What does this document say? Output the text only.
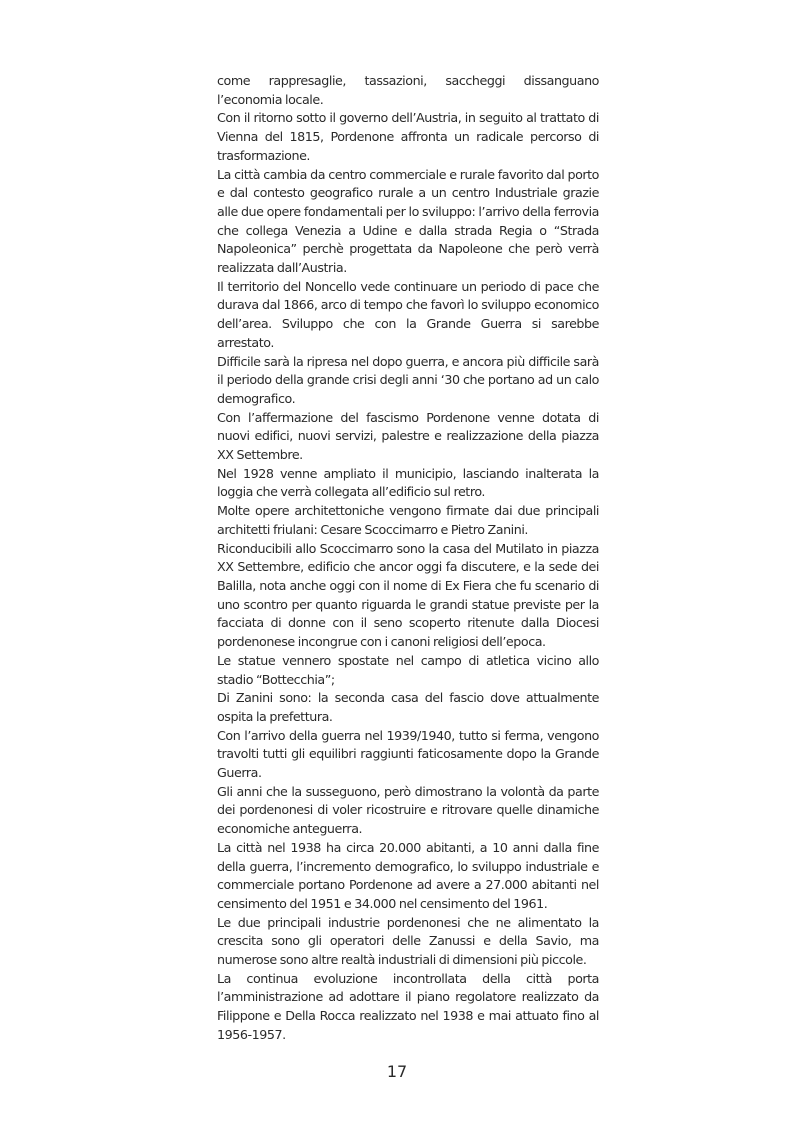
come rappresaglie, tassazioni, saccheggi dissanguano l’economia locale.

Con il ritorno sotto il governo dell’Austria, in seguito al trattato di Vienna del 1815, Pordenone affronta un radicale percorso di trasformazione.

La città cambia da centro commerciale e rurale favorito dal porto e dal contesto geografico rurale a un centro Industriale grazie alle due opere fondamentali per lo sviluppo: l’arrivo della ferrovia che collega Venezia a Udine e dalla strada Regia o “Strada Napoleonica” perchè progettata da Napoleone che però verrà realizzata dall’Austria.

Il territorio del Noncello vede continuare un periodo di pace che durava dal 1866, arco di tempo che favorì lo sviluppo economico dell’area. Sviluppo che con la Grande Guerra si sarebbe arrestato.

Difficile sarà la ripresa nel dopo guerra, e ancora più difficile sarà il periodo della grande crisi degli anni ‘30 che portano ad un calo demografico.

Con l’affermazione del fascismo Pordenone venne dotata di nuovi edifici, nuovi servizi, palestre e realizzazione della piazza XX Settembre.

Nel 1928 venne ampliato il municipio, lasciando inalterata la loggia che verrà collegata all’edificio sul retro.

Molte opere architettoniche vengono firmate dai due principali architetti friulani: Cesare Scoccimarro e Pietro Zanini.

Riconducibili allo Scoccimarro sono la casa del Mutilato in piazza XX Settembre, edificio che ancor oggi fa discutere, e la sede dei Balilla, nota anche oggi con il nome di Ex Fiera che fu scenario di uno scontro per quanto riguarda le grandi statue previste per la facciata di donne con il seno scoperto ritenute dalla Diocesi pordenonese incongrue con i canoni religiosi dell’epoca.

Le statue vennero spostate nel campo di atletica vicino allo stadio “Bottecchia”;

Di Zanini sono: la seconda casa del fascio dove attualmente ospita la prefettura.

Con l’arrivo della guerra nel 1939/1940, tutto si ferma, vengono travolti tutti gli equilibri raggiunti faticosamente dopo la Grande Guerra.

Gli anni che la susseguono, però dimostrano la volontà da parte dei pordenonesi di voler ricostruire e ritrovare quelle dinamiche economiche anteguerra.

La città nel 1938 ha circa 20.000 abitanti, a 10 anni dalla fine della guerra, l’incremento demografico, lo sviluppo industriale e commerciale portano Pordenone ad avere a 27.000 abitanti nel censimento del 1951 e 34.000 nel censimento del 1961.

Le due principali industrie pordenonesi che ne alimentato la crescita sono gli operatori delle Zanussi e della Savio, ma numerose sono altre realtà industriali di dimensioni più piccole.

La continua evoluzione incontrollata della città porta l’amministrazione ad adottare il piano regolatore realizzato da Filippone e Della Rocca realizzato nel 1938 e mai attuato fino al 1956-1957.

17
